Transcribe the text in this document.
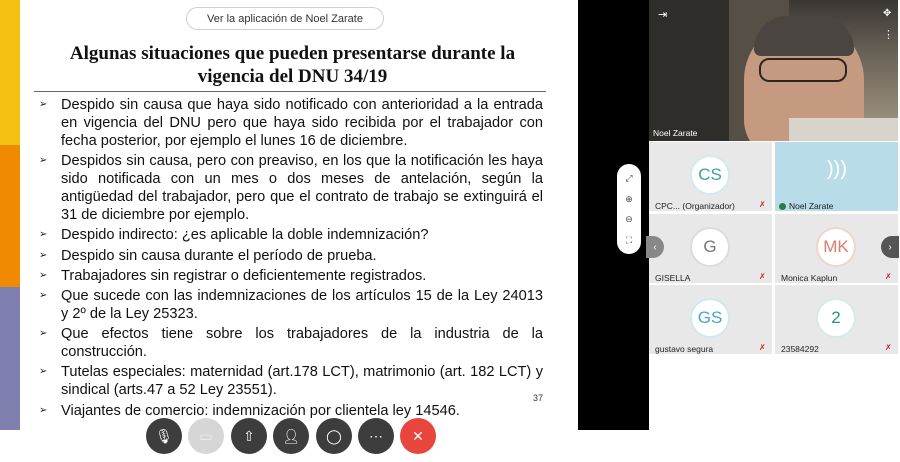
Ver la aplicación de Noel Zarate
Algunas situaciones que pueden presentarse durante la vigencia del DNU 34/19
➢ Despido sin causa que haya sido notificado con anterioridad a la entrada en vigencia del DNU pero que haya sido recibida por el trabajador con fecha posterior, por ejemplo el lunes 16 de diciembre.
➢ Despidos sin causa, pero con preaviso, en los que la notificación les haya sido notificada con un mes o dos meses de antelación, según la antigüedad del trabajador, pero que el contrato de trabajo se extinguirá el 31 de diciembre por ejemplo.
➢ Despido indirecto: ¿es aplicable la doble indemnización?
➢ Despido sin causa durante el período de prueba.
➢ Trabajadores sin registrar o deficientemente registrados.
➢ Que sucede con las indemnizaciones de los artículos 15 de la Ley 24013 y 2º de la Ley 25323.
➢ Que efectos tiene sobre los trabajadores de la industria de la construcción.
➢ Tutelas especiales: maternidad (art.178 LCT), matrimonio (art. 182 LCT) y sindical (arts.47 a 52 Ley 23551).
➢ Viajantes de comercio: indemnización por clientela ley 14546.
37
⤢
⊕
⊖
⛶
⇥	✥
⋮
Noel Zarate
CS
CPC... (Organizador)	✗
)))
Noel Zarate
G
GISELLA	✗
MK
Monica Kaplun	✗
GS
gustavo segura	✗
2
23584292	✗
‹	›
🎙︎ ▭ ⇧ 👤︎ ◯ ⋯ ✕
